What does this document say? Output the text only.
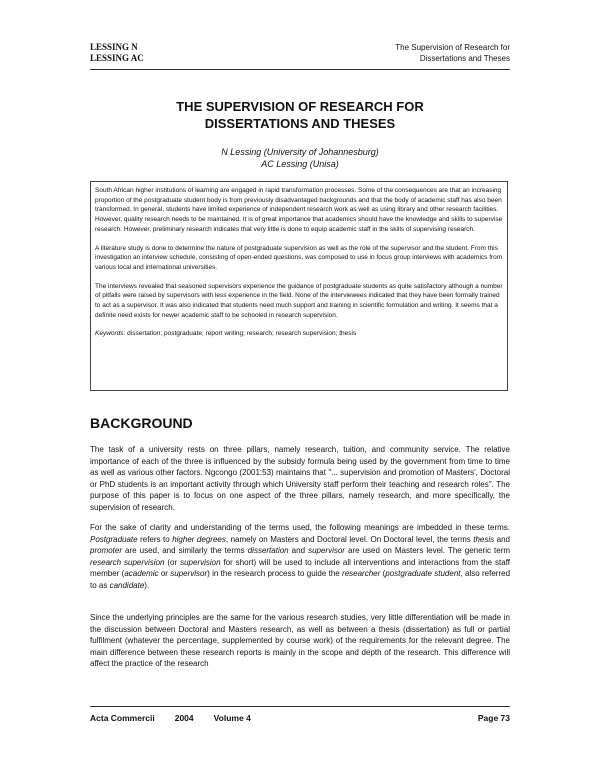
LESSING N
LESSING AC
The Supervision of Research for
Dissertations and Theses
THE SUPERVISION OF RESEARCH FOR
DISSERTATIONS AND THESES
N Lessing (University of Johannesburg)
AC Lessing (Unisa)

South African higher institutions of learning are engaged in rapid transformation processes. Some of the consequences are that an increasing proportion of the postgraduate student body is from previously disadvantaged backgrounds and that the body of academic staff has also been transformed. In general, students have limited experience of independent research work as well as using library and other research facilities. However, quality research needs to be maintained. It is of great importance that academics should have the knowledge and skills to supervise research. However, preliminary research indicates that very little is done to equip academic staff in the skills of supervising research.

A literature study is done to determine the nature of postgraduate supervision as well as the role of the supervisor and the student. From this investigation an interview schedule, consisting of open-ended questions, was composed to use in focus group interviews with academics from various local and international universities.

The interviews revealed that seasoned supervisors experience the guidance of postgraduate students as quite satisfactory although a number of pitfalls were raised by supervisors with less experience in the field. None of the interviewees indicated that they have been formally trained to act as a supervisor. It was also indicated that students need much support and training in scientific formulation and writing. It seems that a definite need exists for newer academic staff to be schooled in research supervision.

Keywords: dissertation; postgraduate; report writing; research; research supervision; thesis

BACKGROUND

The task of a university rests on three pillars, namely research, tuition, and community service. The relative importance of each of the three is influenced by the subsidy formula being used by the government from time to time as well as various other factors. Ngcongo (2001:53) maintains that "... supervision and promotion of Masters', Doctoral or PhD students is an important activity through which University staff perform their teaching and research roles". The purpose of this paper is to focus on one aspect of the three pillars, namely research, and more specifically, the supervision of research.

For the sake of clarity and understanding of the terms used, the following meanings are imbedded in these terms. Postgraduate refers to higher degrees, namely on Masters and Doctoral level. On Doctoral level, the terms thesis and promoter are used, and similarly the terms dissertation and supervisor are used on Masters level. The generic term research supervision (or supervision for short) will be used to include all interventions and interactions from the staff member (academic or supervisor) in the research process to guide the researcher (postgraduate student, also referred to as candidate).

Since the underlying principles are the same for the various research studies, very little differentiation will be made in the discussion between Doctoral and Masters research, as well as between a thesis (dissertation) as full or partial fulfilment (whatever the percentage, supplemented by course work) of the requirements for the relevant degree. The main difference between these research reports is mainly in the scope and depth of the research. This difference will affect the practice of the research

Acta Commercii 2004 Volume 4	Page 73
